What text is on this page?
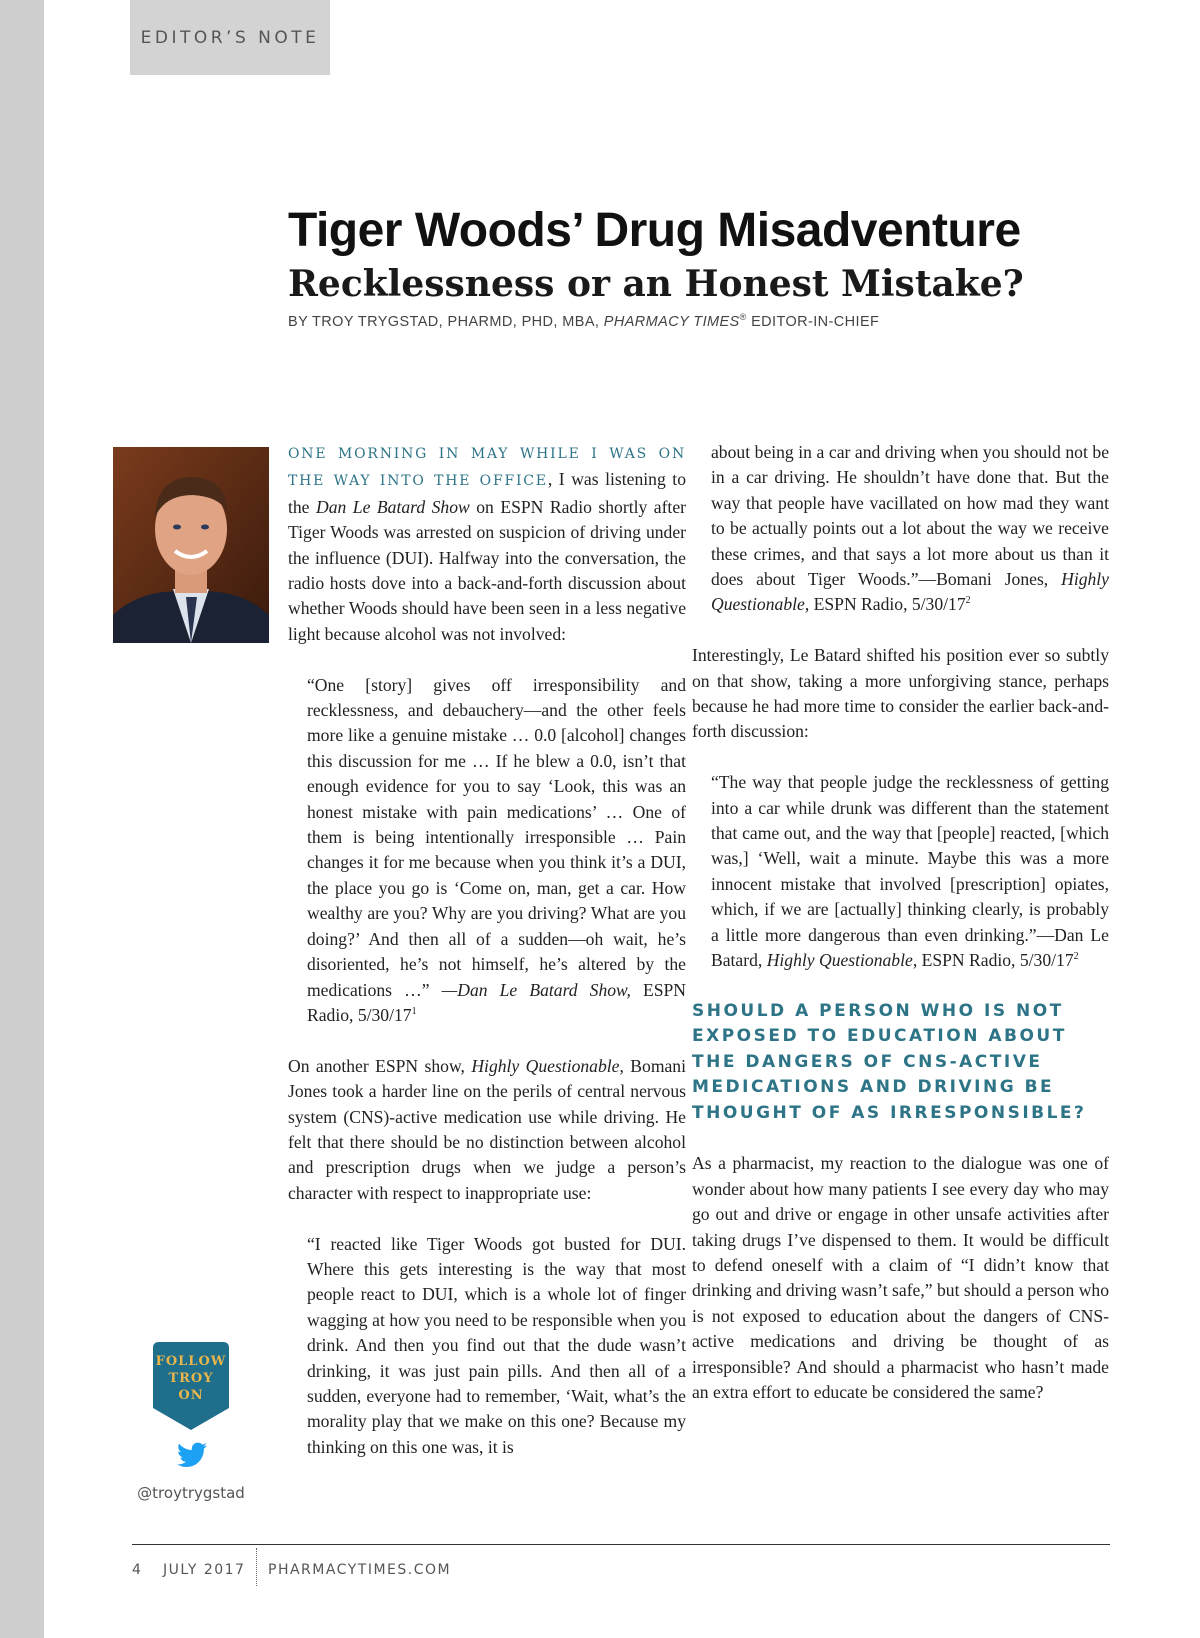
EDITOR’S NOTE
Tiger Woods’ Drug Misadventure
Recklessness or an Honest Mistake?
BY TROY TRYGSTAD, PHARMD, PHD, MBA, PHARMACY TIMES® EDITOR-IN-CHIEF

ONE MORNING IN MAY WHILE I WAS ON THE WAY INTO THE OFFICE, I was listening to the Dan Le Batard Show on ESPN Radio shortly after Tiger Woods was arrested on suspicion of driving under the influence (DUI). Halfway into the conversation, the radio hosts dove into a back-and-forth discussion about whether Woods should have been seen in a less negative light because alcohol was not involved:

“One [story] gives off irresponsibility and recklessness, and debauchery—and the other feels more like a genuine mistake … 0.0 [alcohol] changes this discussion for me … If he blew a 0.0, isn’t that enough evidence for you to say ‘Look, this was an honest mistake with pain medications’ … One of them is being intentionally irresponsible … Pain changes it for me because when you think it’s a DUI, the place you go is ‘Come on, man, get a car. How wealthy are you? Why are you driving? What are you doing?’ And then all of a sudden—oh wait, he’s disoriented, he’s not himself, he’s altered by the medications …” —Dan Le Batard Show, ESPN Radio, $5/30/17^1$

On another ESPN show, Highly Questionable, Bomani Jones took a harder line on the perils of central nervous system (CNS)-active medication use while driving. He felt that there should be no distinction between alcohol and prescription drugs when we judge a person’s character with respect to inappropriate use:

“I reacted like Tiger Woods got busted for DUI. Where this gets interesting is the way that most people react to DUI, which is a whole lot of finger wagging at how you need to be responsible when you drink. And then you find out that the dude wasn’t drinking, it was just pain pills. And then all of a sudden, everyone had to remember, ‘Wait, what’s the morality play that we make on this one? Because my thinking on this one was, it is

about being in a car and driving when you should not be in a car driving. He shouldn’t have done that. But the way that people have vacillated on how mad they want to be actually points out a lot about the way we receive these crimes, and that says a lot more about us than it does about Tiger Woods.”—Bomani Jones, Highly Questionable, ESPN Radio, $5/30/17^2$

Interestingly, Le Batard shifted his position ever so subtly on that show, taking a more unforgiving stance, perhaps because he had more time to consider the earlier back-and-forth discussion:

“The way that people judge the recklessness of getting into a car while drunk was different than the statement that came out, and the way that [people] reacted, [which was,] ‘Well, wait a minute. Maybe this was a more innocent mistake that involved [prescription] opiates, which, if we are [actually] thinking clearly, is probably a little more dangerous than even drinking.”—Dan Le Batard, Highly Questionable, ESPN Radio, $5/30/17^2$

SHOULD A PERSON WHO IS NOT EXPOSED TO EDUCATION ABOUT THE DANGERS OF CNS-ACTIVE MEDICATIONS AND DRIVING BE THOUGHT OF AS IRRESPONSIBLE?

As a pharmacist, my reaction to the dialogue was one of wonder about how many patients I see every day who may go out and drive or engage in other unsafe activities after taking drugs I’ve dispensed to them. It would be difficult to defend oneself with a claim of “I didn’t know that drinking and driving wasn’t safe,” but should a person who is not exposed to education about the dangers of CNS-active medications and driving be thought of as irresponsible? And should a pharmacist who hasn’t made an extra effort to educate be considered the same?

FOLLOW
TROY
ON
@troytrygstad
4 JULY 2017 PHARMACYTIMES.COM
